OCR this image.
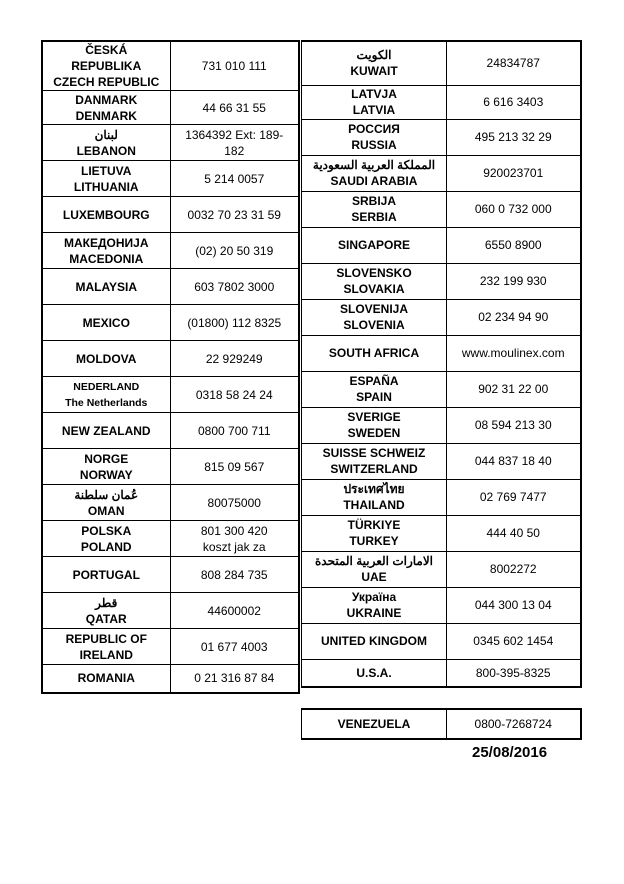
ČESKÁ
REPUBLIKA
CZECH REPUBLIC	731 010 111

DANMARK
DENMARK	44 66 31 55

لبنان
LEBANON	1364392 Ext: 189-
182

LIETUVA
LITHUANIA	5 214 0057

LUXEMBOURG	0032 70 23 31 59

МАКЕДОНИЈА
MACEDONIA	(02) 20 50 319

MALAYSIA	603 7802 3000

MEXICO	(01800) 112 8325

MOLDOVA	22 929249

NEDERLAND
The Netherlands	0318 58 24 24

NEW ZEALAND	0800 700 711

NORGE
NORWAY	815 09 567

عُمان سلطنة
OMAN	80075000

POLSKA
POLAND	801 300 420
koszt jak za

PORTUGAL	808 284 735

قطر
QATAR	44600002

REPUBLIC OF
IRELAND	01 677 4003

ROMANIA	0 21 316 87 84
الكويت
KUWAIT	24834787

LATVJA
LATVIA	6 616 3403

РОССИЯ
RUSSIA	495 213 32 29

المملكة العربية السعودية
SAUDI ARABIA	920023701

SRBIJA
SERBIA	060 0 732 000

SINGAPORE	6550 8900

SLOVENSKO
SLOVAKIA	232 199 930

SLOVENIJA
SLOVENIA	02 234 94 90

SOUTH AFRICA	www.moulinex.com

ESPAÑA
SPAIN	902 31 22 00

SVERIGE
SWEDEN	08 594 213 30

SUISSE SCHWEIZ
SWITZERLAND	044 837 18 40

ประเทศไทย
THAILAND	02 769 7477

TÜRKIYE
TURKEY	444 40 50

الامارات العربية المتحدة
UAE	8002272

Україна
UKRAINE	044 300 13 04

UNITED KINGDOM	0345 602 1454

U.S.A.	800-395-8325
VENEZUELA	0800-7268724
25/08/2016
